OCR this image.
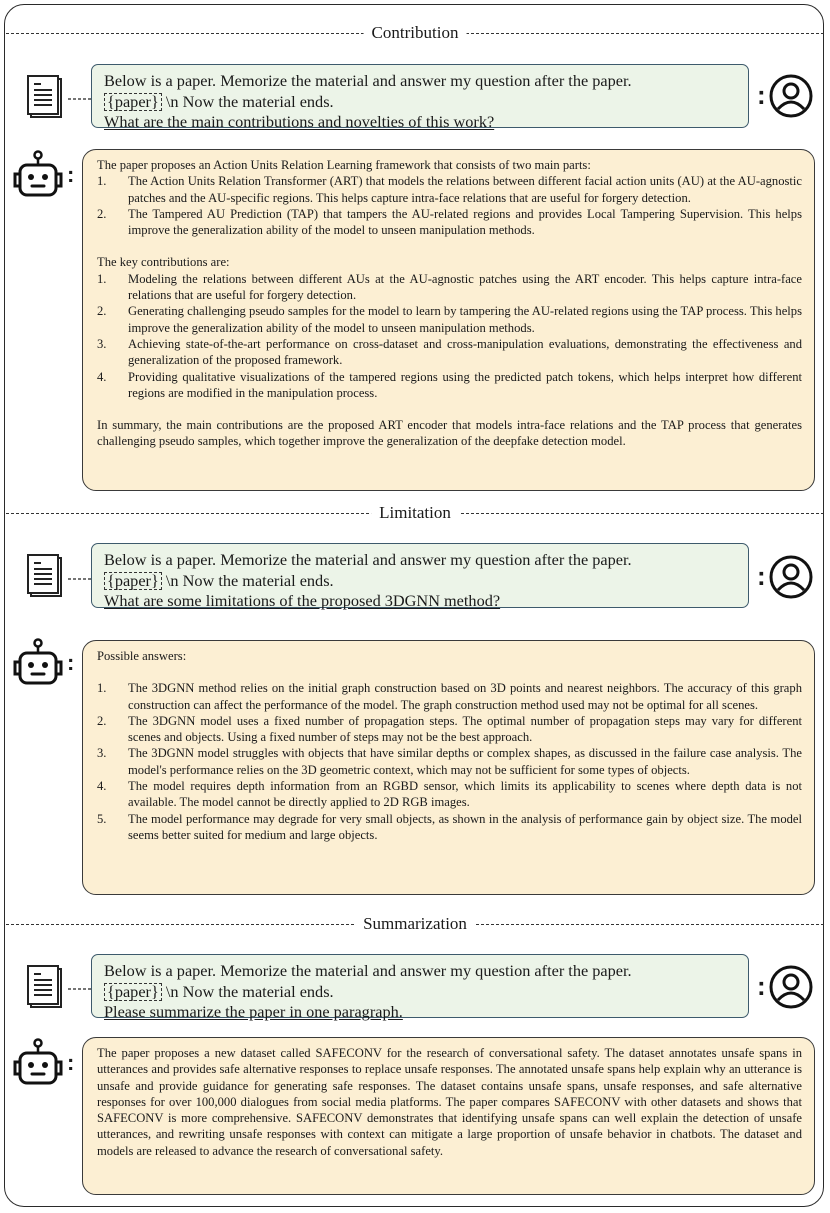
Contribution
Below is a paper. Memorize the material and answer my question after the paper.
{paper} \n Now the material ends.
What are the main contributions and novelties of this work?
:
: The paper proposes an Action Units Relation Learning framework that consists of two main parts:

1. The Action Units Relation Transformer (ART) that models the relations between different facial action units (AU) at the AU-agnostic patches and the AU-specific regions. This helps capture intra-face relations that are useful for forgery detection.
2. The Tampered AU Prediction (TAP) that tampers the AU-related regions and provides Local Tampering Supervision. This helps improve the generalization ability of the model to unseen manipulation methods.

The key contributions are:

1. Modeling the relations between different AUs at the AU-agnostic patches using the ART encoder. This helps capture intra-face relations that are useful for forgery detection.
2. Generating challenging pseudo samples for the model to learn by tampering the AU-related regions using the TAP process. This helps improve the generalization ability of the model to unseen manipulation methods.
3. Achieving state-of-the-art performance on cross-dataset and cross-manipulation evaluations, demonstrating the effectiveness and generalization of the proposed framework.
4. Providing qualitative visualizations of the tampered regions using the predicted patch tokens, which helps interpret how different regions are modified in the manipulation process.

In summary, the main contributions are the proposed ART encoder that models intra-face relations and the TAP process that generates challenging pseudo samples, which together improve the generalization of the deepfake detection model.

Limitation
Below is a paper. Memorize the material and answer my question after the paper.
{paper} \n Now the material ends.
What are some limitations of the proposed 3DGNN method?
:
: Possible answers:

1. The 3DGNN method relies on the initial graph construction based on 3D points and nearest neighbors. The accuracy of this graph construction can affect the performance of the model. The graph construction method used may not be optimal for all scenes.
2. The 3DGNN model uses a fixed number of propagation steps. The optimal number of propagation steps may vary for different scenes and objects. Using a fixed number of steps may not be the best approach.
3. The 3DGNN model struggles with objects that have similar depths or complex shapes, as discussed in the failure case analysis. The model's performance relies on the 3D geometric context, which may not be sufficient for some types of objects.
4. The model requires depth information from an RGBD sensor, which limits its applicability to scenes where depth data is not available. The model cannot be directly applied to 2D RGB images.
5. The model performance may degrade for very small objects, as shown in the analysis of performance gain by object size. The model seems better suited for medium and large objects.
Summarization
Below is a paper. Memorize the material and answer my question after the paper.
{paper} \n Now the material ends.
Please summarize the paper in one paragraph.
:
: The paper proposes a new dataset called SAFECONV for the research of conversational safety. The dataset annotates unsafe spans in utterances and provides safe alternative responses to replace unsafe responses. The annotated unsafe spans help explain why an utterance is unsafe and provide guidance for generating safe responses. The dataset contains unsafe spans, unsafe responses, and safe alternative responses for over 100,000 dialogues from social media platforms. The paper compares SAFECONV with other datasets and shows that SAFECONV is more comprehensive. SAFECONV demonstrates that identifying unsafe spans can well explain the detection of unsafe utterances, and rewriting unsafe responses with context can mitigate a large proportion of unsafe behavior in chatbots. The dataset and models are released to advance the research of conversational safety.
